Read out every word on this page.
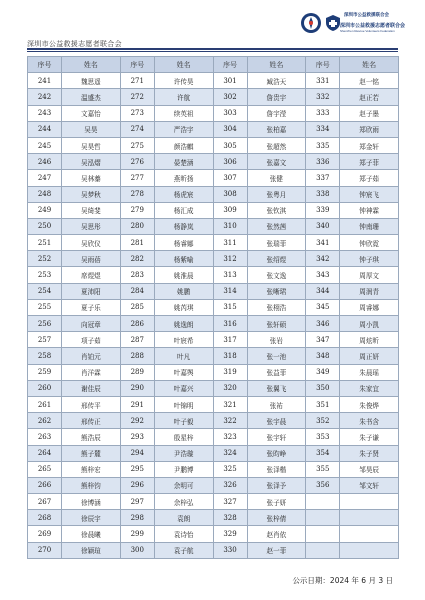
深圳市公益救援志愿者联合会
深圳市公益救援联合会
深圳市公益救援志愿者联合会
Shenzhen Rescue Volunteers Federation
序号	姓名	序号	姓名	序号	姓名	序号	姓名
241	魏思遥	271	许传昊	301	臧浩天	331	赵一铭
242	温盛杰	272	许航	302	詹贵宇	332	赵正若
243	文嘉怡	273	续英祖	303	詹宇滢	333	赵子墨
244	吴昊	274	严浩宇	304	张柏嘉	334	郑欣雨
245	吴昊哲	275	颜浩麒	305	张超然	335	郑金轩
246	吴泓熠	276	晏楚涵	306	张嘉文	336	郑子菲
247	吴林蓁	277	燕昕扬	307	张健	337	郑子茹
248	吴梦秋	278	杨虎宸	308	张粤月	338	钟宸飞
249	吴绮斐	279	杨汇成	309	张钦淇	339	钟神霖
250	吴思彤	280	杨静岚	310	张然茜	340	钟南珊
251	吴欣仪	281	杨睿娜	311	张瑞菲	341	钟欣霓
252	吴雨蓓	282	杨紫喻	312	张绍煜	342	钟子琪
253	席煜煜	283	姚淮晨	313	张文逸	343	周厚文
254	夏沛阳	284	姚鹏	314	张晰珺	344	周润青
255	夏子乐	285	姚芮琪	315	张栩浩	345	周睿娜
256	向冠章	286	姚逸朗	316	张轩硕	346	周小凯
257	项子茹	287	叶宸希	317	张岩	347	周炫昕
258	肖铂元	288	叶凡	318	张一池	348	周正妍
259	肖洋霖	289	叶嘉舆	319	张益菲	349	朱晨瑶
260	谢佳辰	290	叶嘉兴	320	张翼飞	350	朱家宜
261	邢传平	291	叶锦明	321	张祐	351	朱俊烨
262	邢传正	292	叶子毅	322	张宇晨	352	朱书含
263	熊浩辰	293	殷星梓	323	张宇轩	353	朱子谦
264	熊子麓	294	尹浩璇	324	张昀峥	354	朱子贤
265	熊梓宏	295	尹鹏博	325	张泽楷	355	邹昊辰
266	熊梓钧	296	余明可	326	张泽予	356	邹文轩
267	徐博涵	297	余梓弘	327	张子妍		
268	徐辰宇	298	袁朗	328	张梓倩		
269	徐晨曦	299	袁诗怡	329	赵肖依		
270	徐颖瑄	300	袁子航	330	赵一菲		
公示日期：2024 年 6 月 3 日
